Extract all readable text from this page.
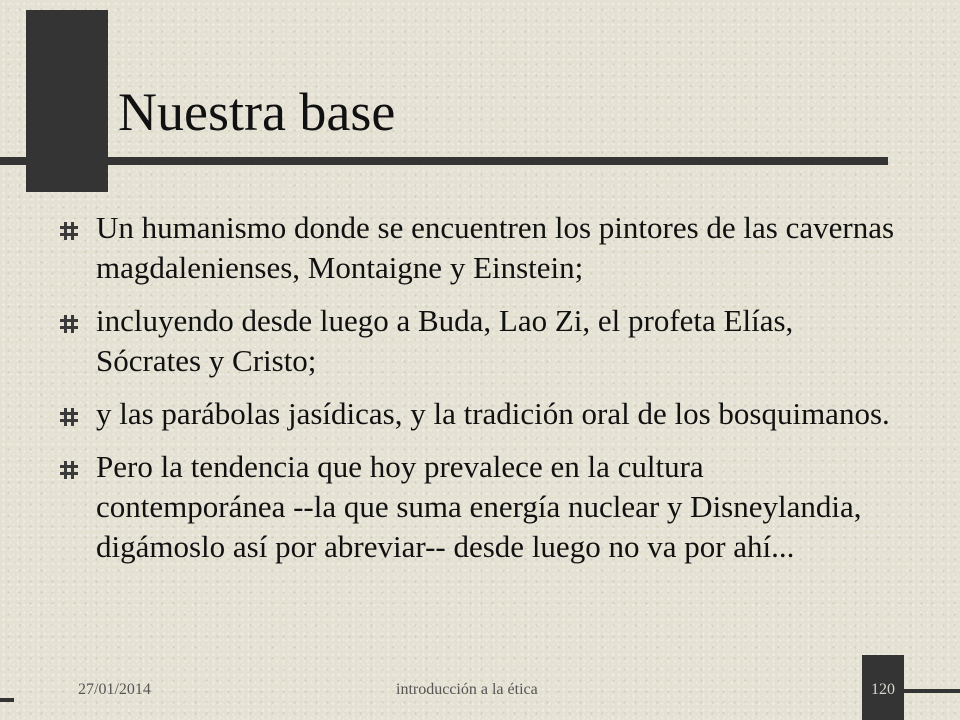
Nuestra base
Un humanismo donde se encuentren los pintores de las cavernas magdalenienses, Montaigne y Einstein;
incluyendo desde luego a Buda, Lao Zi, el profeta Elías, Sócrates y Cristo;
y las parábolas jasídicas, y la tradición oral de los bosquimanos.
Pero la tendencia que hoy prevalece en la cultura contemporánea --la que suma energía nuclear y Disneylandia, digámoslo así por abreviar-- desde luego no va por ahí...
27/01/2014	introducción a la ética	120
